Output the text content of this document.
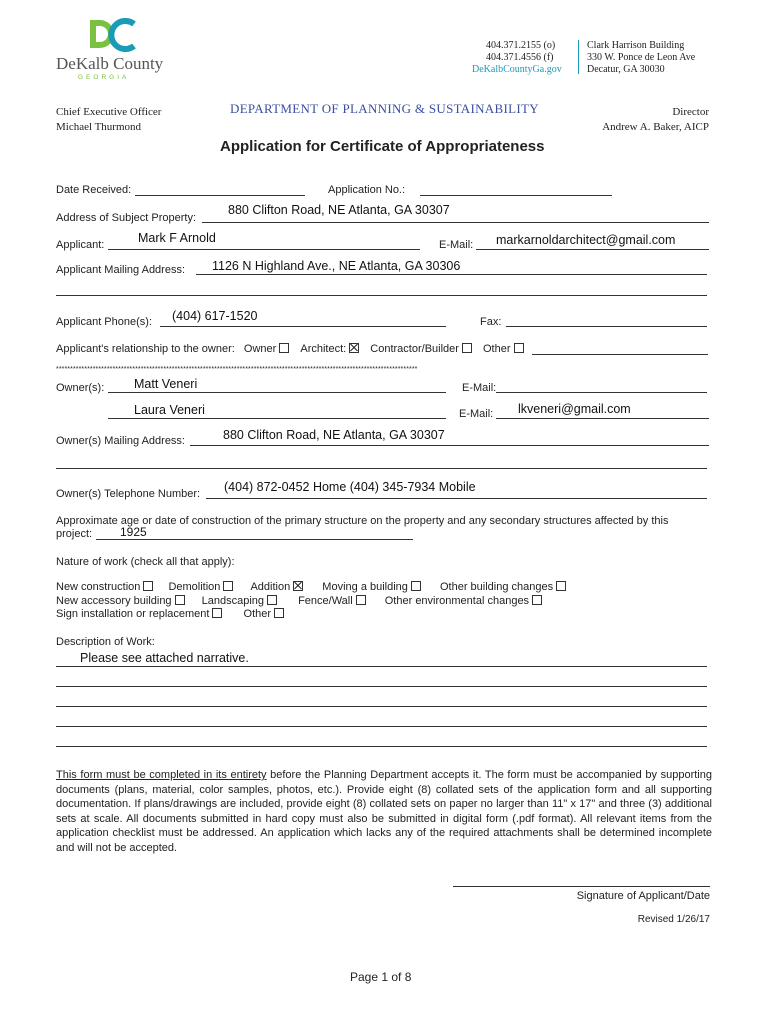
DeKalb County
GEORGIA
404.371.2155 (o)
404.371.4556 (f)
DeKalbCountyGa.gov
Clark Harrison Building
330 W. Ponce de Leon Ave
Decatur, GA 30030
Chief Executive Officer
Michael Thurmond
DEPARTMENT OF PLANNING & SUSTAINABILITY	Director
Andrew A. Baker, AICP
Application for Certificate of Appropriateness
Date Received:	Application No.:
Address of Subject Property:
880 Clifton Road, NE Atlanta, GA 30307
Applicant:	Mark F Arnold	E-Mail: markarnoldarchitect@gmail.com
Applicant Mailing Address: 1126 N Highland Ave., NE Atlanta, GA 30306
Applicant Phone(s): (404) 617-1520	Fax:
Applicant's relationship to the owner: Owner Architect: Contractor/Builder Other
********************************************************************************************************************************
Owner(s): Matt Veneri	E-Mail:
Laura Veneri	E-Mail: lkveneri@gmail.com
Owner(s) Mailing Address:	880 Clifton Road, NE Atlanta, GA 30307
Owner(s) Telephone Number: (404) 872-0452 Home (404) 345-7934 Mobile
Approximate age or date of construction of the primary structure on the property and any secondary structures affected by this
project: 1925
Nature of work (check all that apply):
New construction	Demolition	Addition	Moving a building	Other building changes
New accessory building	Landscaping	Fence/Wall	Other environmental changes
Sign installation or replacement	Other
Description of Work:
Please see attached narrative.
This form must be completed in its entirety before the Planning Department accepts it. The form must be accompanied by supporting documents (plans, material, color samples, photos, etc.). Provide eight (8) collated sets of the application form and all supporting documentation. If plans/drawings are included, provide eight (8) collated sets on paper no larger than 11" x 17" and three (3) additional sets at scale. All documents submitted in hard copy must also be submitted in digital form (.pdf format). All relevant items from the application checklist must be addressed. An application which lacks any of the required attachments shall be determined incomplete and will not be accepted.
Signature of Applicant/Date
Revised 1/26/17
Page 1 of 8
